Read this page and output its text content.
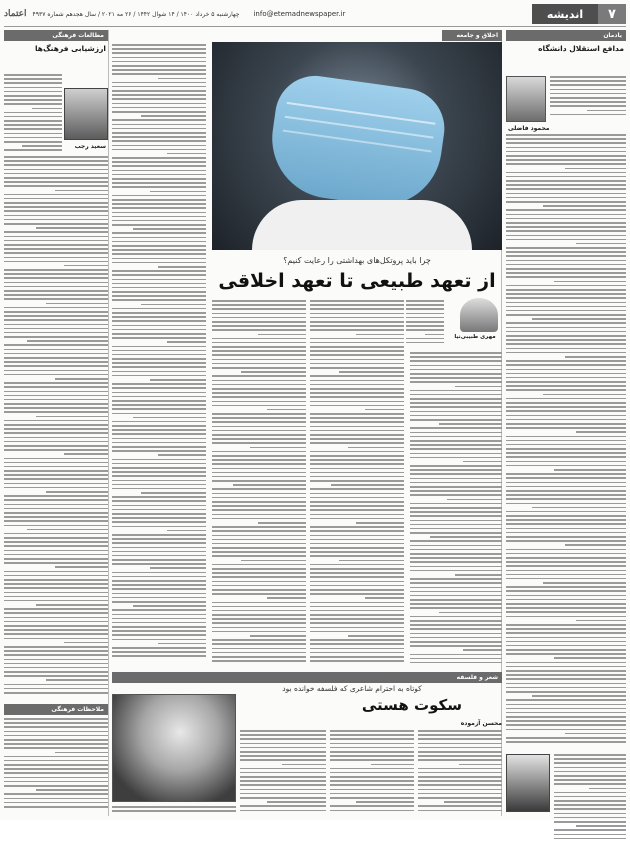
۷
اندیشه
info@etemadnewspaper.ir
چهارشنبه ۵ خرداد ۱۴۰۰ / ۱۴ شوال ۱۴۴۲ / ۲۶ مه ۲۰۲۱ / سال هجدهم شماره ۴۹۳۷
اعتماد
یادمان
مدافع استقلال دانشگاه
محمود فاضلی
اخلاق و جامعه
چرا باید پروتکل‌های بهداشتی را رعایت کنیم؟
از تعهد طبیعی تا تعهد اخلاقی
مهری طبیبی‌نیا
شعر و فلسفه
کوتاه به احترام شاعری که فلسفه خوانده بود
سکوت هستی
محسن آزموده
مطالعات فرهنگی
ارزشیابی فرهنگ‌ها
سعید رجب
ملاحظات فرهنگی
